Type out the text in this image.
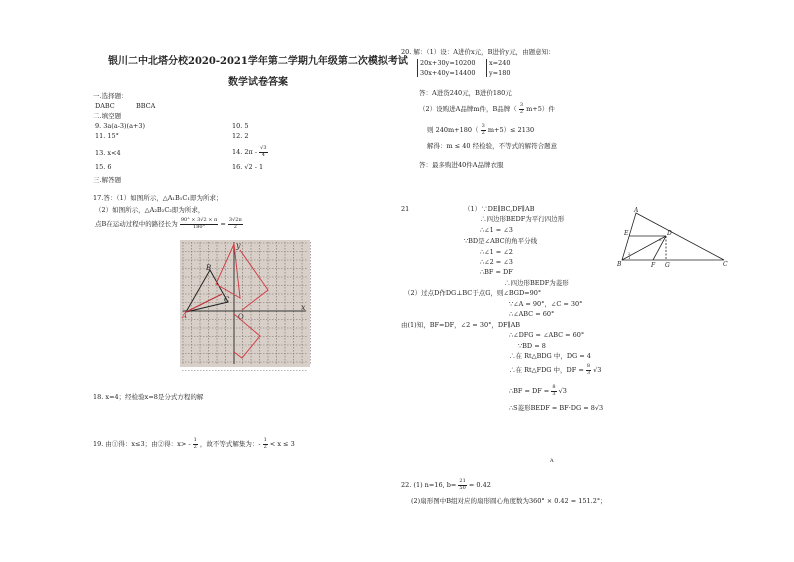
银川二中北塔分校2020-2021学年第二学期九年级第二次模拟考试
数学试卷答案
一.选择题：
DABC	BBCA
二.填空题
9. 3a(a-3)(a+3)	10. 5
11. 15°	12. 2
13. x<4	14. $2\pi - \frac{√3}{4}$
15. 6	16. √2 - 1
三.解答题
17.答：（1）如图所示，△A₁B₁C₁即为所求；
（2）如图所示，△A₂B₂C₂即为所求，
点B在运动过程中的路径长为 $\frac{90^\circ \times 3√2 \times \pi}{180^\circ} = \frac{3√2\pi}{2}$
x
y
O
A
B
C
18. x=4；经检验x=8是分式方程的解
19. 由①得：x≤3；由②得：$x> - \frac{1}{2}$ ，故不等式解集为：- $\frac{1}{2} < x \le 3$
20. 解：（1）设：A进价x元，B进价y元，由题意知：
20x+30y=10200
30x+40y=14400
x=240
y=180
答：A进货240元，B进价180元
（2）设购进A品牌m件，B品牌（ $\frac{3}{2} m+5$）件
则 $240m+180( \frac{3}{2} m+5)\le 2130$
解得：m ≤ 40 经检验，不等式的解符合题意
答：最多购进40件A品牌衣服
21	（1）∵DE∥BC,DF∥AB
∴四边形BEDF为平行四边形
∴∠1 = ∠3
∵BD是∠ABC的角平分线
∴∠1 = ∠2
∴∠2 = ∠3
∴BF = DF
∴四边形BEDF为菱形
（2）过点D作DG⊥BC于点G，则∠BGD=90°
∵∠A = 90°，∠C = 30°
∴∠ABC = 60°
由(1)知，BF=DF，∠2 = 30°，DF∥AB
∴∠DFG = ∠ABC = 60°
∵BD = 8
∴在 Rt△BDG 中，DG = 4
∴在 Rt△FDG 中，DF = $\frac{8}{3} √3$
∴BF = DF = $\frac{8}{3} √3$
∴S菱形BEDF = BF·DG = 8√3
A
A
B	C
D
E
F G
1
2
3
22. (1) n=16, $b= \frac{21}{50} = 0.42$
(2)扇形图中B组对应的扇形圆心角度数为360° × 0.42 = 151.2°；
